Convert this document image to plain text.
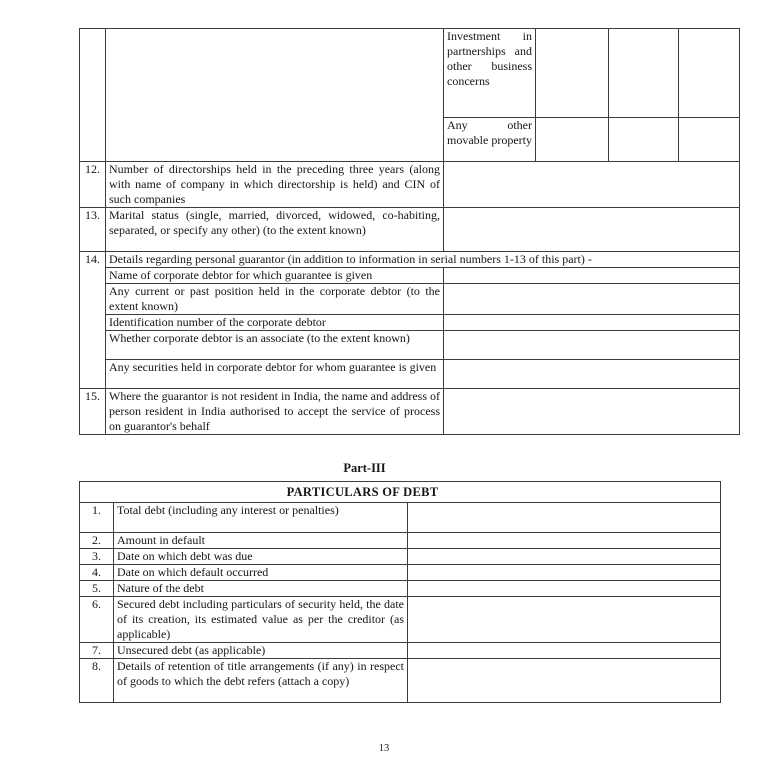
		Investment in partnerships and other business concerns			
		Any other movable property			
12.	Number of directorships held in the preceding three years (along with name of company in which directorship is held) and CIN of such companies				
13.	Marital status (single, married, divorced, widowed, co-habiting, separated, or specify any other) (to the extent known)				
14.	Details regarding personal guarantor (in addition to information in serial numbers 1-13 of this part) -				
	Name of corporate debtor for which guarantee is given				
	Any current or past position held in the corporate debtor (to the extent known)				
	Identification number of the corporate debtor				
	Whether corporate debtor is an associate (to the extent known)				
	Any securities held in corporate debtor for whom guarantee is given				
15.	Where the guarantor is not resident in India, the name and address of person resident in India authorised to accept the service of process on guarantor's behalf				
Part-III
PARTICULARS OF DEBT		
1.	Total debt (including any interest or penalties)	
2.	Amount in default	
3.	Date on which debt was due	
4.	Date on which default occurred	
5.	Nature of the debt	
6.	Secured debt including particulars of security held, the date of its creation, its estimated value as per the creditor (as applicable)	
7.	Unsecured debt (as applicable)	
8.	Details of retention of title arrangements (if any) in respect of goods to which the debt refers (attach a copy)	
13
